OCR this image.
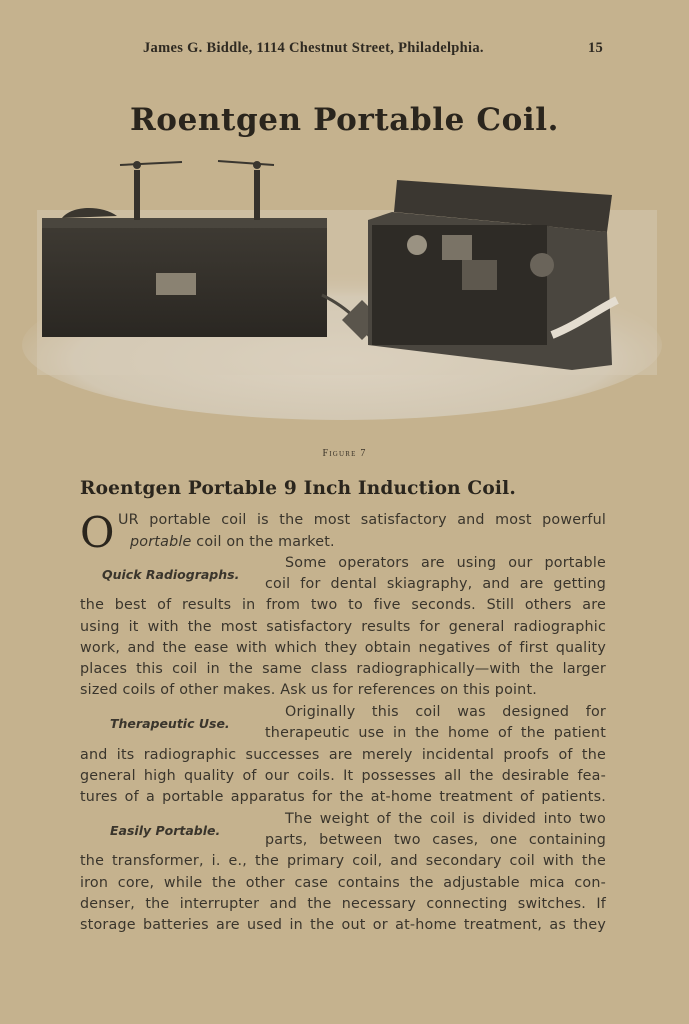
James G. Biddle, 1114 Chestnut Street, Philadelphia.	15
Roentgen Portable Coil.
Figure 7
Roentgen Portable 9 Inch Induction Coil.
O UR portable coil is the most satisfactory and most powerful
portable coil on the market.
Quick Radiographs.
Some operators are using our portable
coil for dental skiagraphy, and are getting
the best of results in from two to five seconds. Still others are
using it with the most satisfactory results for general radiographic
work, and the ease with which they obtain negatives of first quality
places this coil in the same class radiographically—with the larger
sized coils of other makes. Ask us for references on this point.
Therapeutic Use.
Originally this coil was designed for
therapeutic use in the home of the patient
and its radiographic successes are merely incidental proofs of the
general high quality of our coils. It possesses all the desirable fea-
tures of a portable apparatus for the at-home treatment of patients.
Easily Portable.
The weight of the coil is divided into two
parts, between two cases, one containing
the transformer, i. e., the primary coil, and secondary coil with the
iron core, while the other case contains the adjustable mica con-
denser, the interrupter and the necessary connecting switches. If
storage batteries are used in the out or at-home treatment, as they
